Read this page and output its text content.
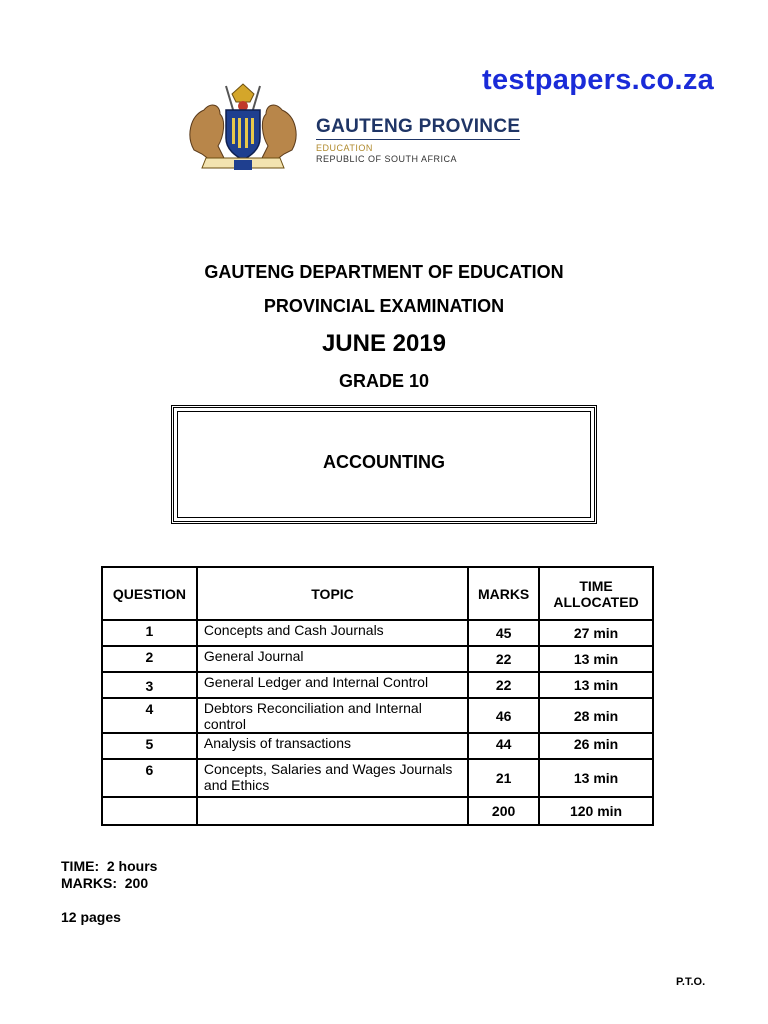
testpapers.co.za
GAUTENG PROVINCE
EDUCATION
REPUBLIC OF SOUTH AFRICA
GAUTENG DEPARTMENT OF EDUCATION
PROVINCIAL EXAMINATION
JUNE 2019
GRADE 10
ACCOUNTING
QUESTION	TOPIC	MARKS	TIME ALLOCATED
1	Concepts and Cash Journals	45	27 min
2	General Journal	22	13 min
3	General Ledger and Internal Control	22	13 min
4	Debtors Reconciliation and Internal control	46	28 min
5	Analysis of transactions	44	26 min
6	Concepts, Salaries and Wages Journals and Ethics	21	13 min
		200	120 min
TIME:  2 hours
MARKS:  200
12 pages
P.T.O.
